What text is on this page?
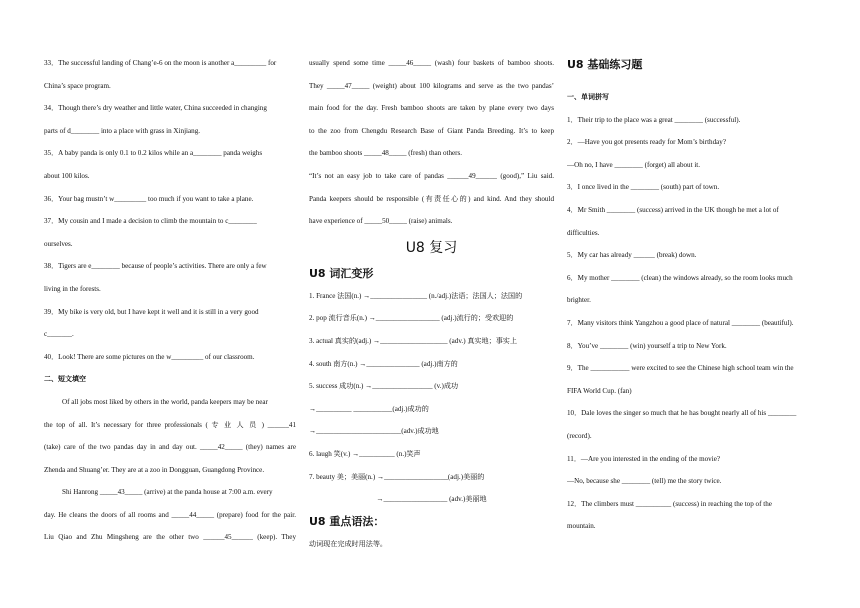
33．The successful landing of Chang’e-6 on the moon is another a_________ for
China’s space program.
34．Though there’s dry weather and little water, China succeeded in changing
parts of d________ into a place with grass in Xinjiang.
35．A baby panda is only 0.1 to 0.2 kilos while an a________ panda weighs
about 100 kilos.
36．Your bag mustn’t w_________ too much if you want to take a plane.
37．My cousin and I made a decision to climb the mountain to c________
ourselves.
38．Tigers are e________ because of people’s activities. There are only a few
living in the forests.
39．My bike is very old, but I have kept it well and it is still in a very good
c_______.
40．Look! There are some pictures on the w_________ of our classroom.
二、短文填空
Of all jobs most liked by others in the world, panda keepers may be near
the top of all. It’s necessary for three professionals ( 专 业 人 员 ) ______41
(take) care of the two pandas day in and day out. _____42_____ (they) names are
Zhenda and Shuang’er. They are at a zoo in Dongguan, Guangdong Province.
Shi Hanrong _____43_____ (arrive) at the panda house at 7:00 a.m. every
day. He cleans the doors of all rooms and _____44_____ (prepare) food for the pair.
Liu Qiao and Zhu Mingsheng are the other two ______45______ (keep). They
usually spend some time _____46_____ (wash) four baskets of bamboo shoots.
They _____47_____ (weight) about 100 kilograms and serve as the two pandas’
main food for the day. Fresh bamboo shoots are taken by plane every two days
to the zoo from Chengdu Research Base of Giant Panda Breeding. It’s to keep
the bamboo shoots _____48_____ (fresh) than others.
“It’s not an easy job to take care of pandas ______49______ (good),” Liu said.
Panda keepers should be responsible (有责任心的) and kind. And they should
have experience of _____50_____ (raise) animals.
U8 复习
U8 词汇变形
1. France 法国(n.) →________________ (n./adj.)法语；法国人；法国的
2. pop 流行音乐(n.) →__________________ (adj.)流行的；受欢迎的
3. actual 真实的(adj.) →___________________ (adv.) 真实地；事实上
4. south 南方(n.) →_______________ (adj.)南方的
5. success 成功(n.) →_________________ (v.)成功
→__________ ___________(adj.)成功的
→________________________(adv.)成功地
6. laugh 笑(v.) →__________ (n.)笑声
7. beauty 美；美丽(n.) →__________________(adj.)美丽的
→__________________ (adv.)美丽地
U8 重点语法：
动词现在完成时用法等。
U8 基础练习题
一、单词拼写
1．Their trip to the place was a great ________ (successful).
2．—Have you got presents ready for Mom’s birthday?
—Oh no, I have ________ (forget) all about it.
3．I once lived in the ________ (south) part of town.
4．Mr Smith ________ (success) arrived in the UK though he met a lot of
difficulties.
5．My car has already ______ (break) down.
6．My mother ________ (clean) the windows already, so the room looks much
brighter.
7．Many visitors think Yangzhou a good place of natural ________ (beautiful).
8．You’ve ________ (win) yourself a trip to New York.
9．The ___________ were excited to see the Chinese high school team win the
FIFA World Cup. (fan)
10．Dale loves the singer so much that he has bought nearly all of his ________
(record).
11．—Are you interested in the ending of the movie?
—No, because she ________ (tell) me the story twice.
12．The climbers must __________ (success) in reaching the top of the
mountain.
